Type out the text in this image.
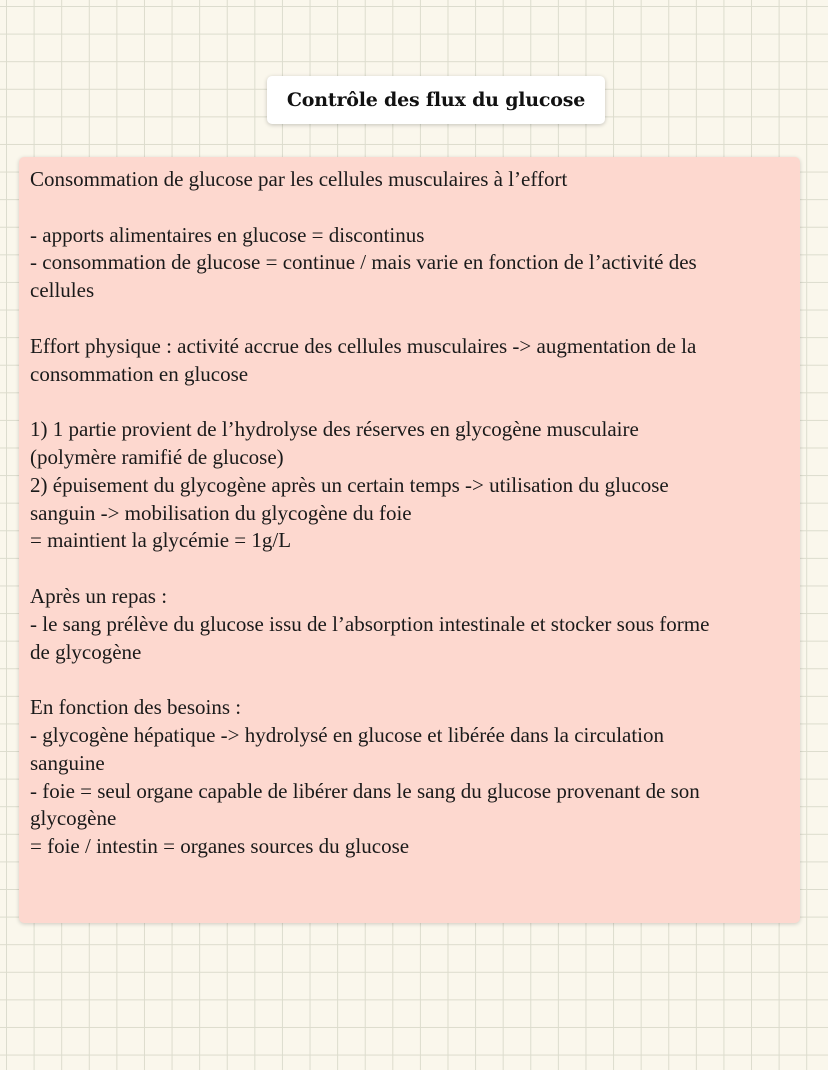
Contrôle des flux du glucose
Consommation de glucose par les cellules musculaires à l’effort
- apports alimentaires en glucose = discontinus
- consommation de glucose = continue / mais varie en fonction de l’activité des
cellules
Effort physique : activité accrue des cellules musculaires -> augmentation de la
consommation en glucose
1) 1 partie provient de l’hydrolyse des réserves en glycogène musculaire
(polymère ramifié de glucose)
2) épuisement du glycogène après un certain temps -> utilisation du glucose
sanguin -> mobilisation du glycogène du foie
= maintient la glycémie = 1g/L
Après un repas :
- le sang prélève du glucose issu de l’absorption intestinale et stocker sous forme
de glycogène
En fonction des besoins :
- glycogène hépatique -> hydrolysé en glucose et libérée dans la circulation
sanguine
- foie = seul organe capable de libérer dans le sang du glucose provenant de son
glycogène
= foie / intestin = organes sources du glucose
